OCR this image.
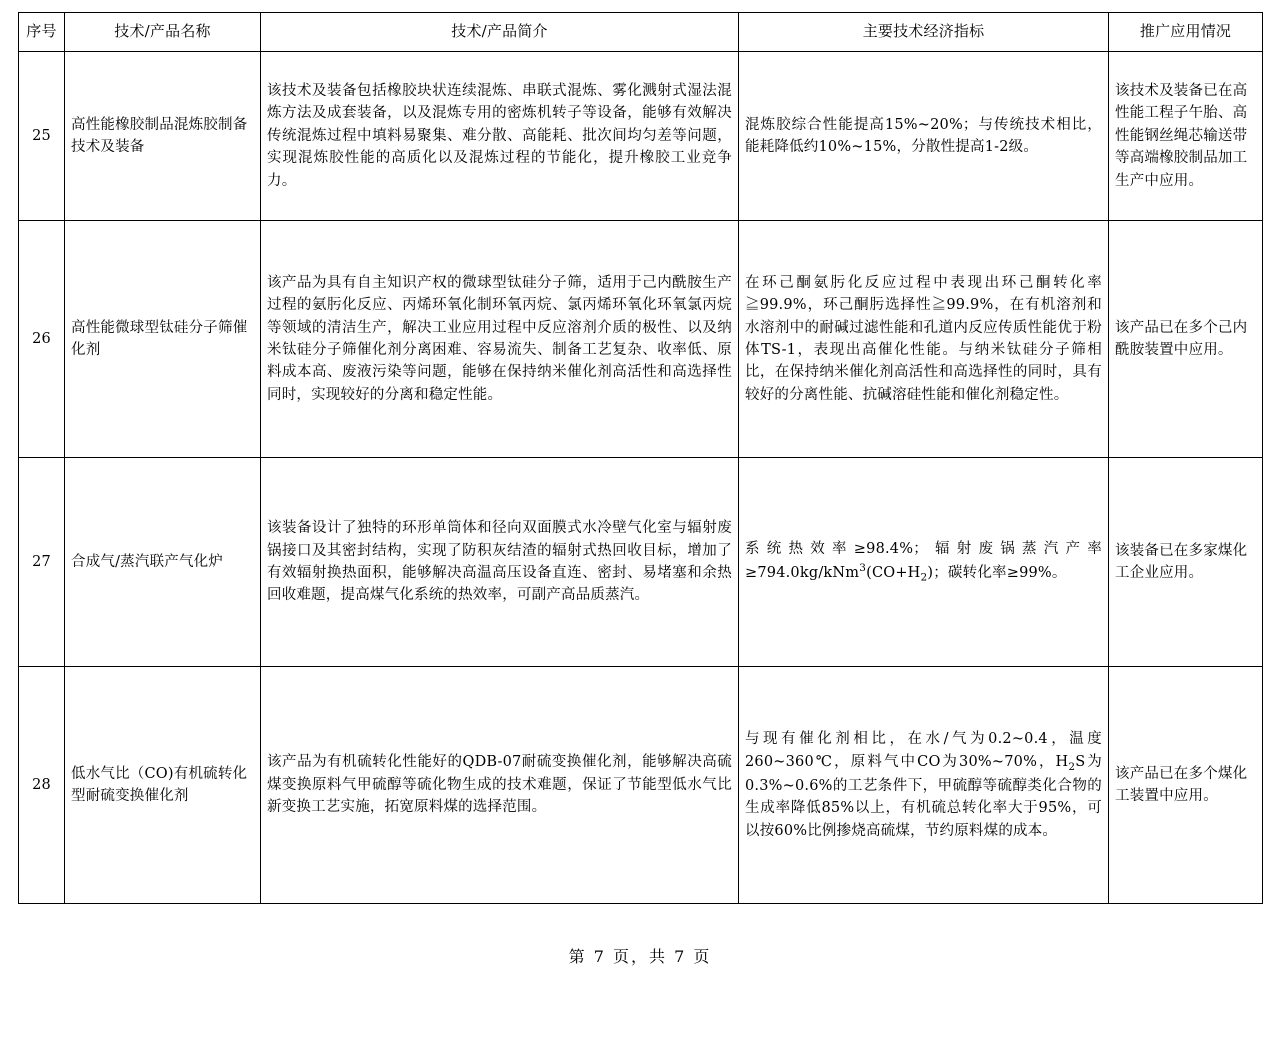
序号	技术/产品名称	技术/产品简介	主要技术经济指标	推广应用情况
25	高性能橡胶制品混炼胶制备技术及装备	该技术及装备包括橡胶块状连续混炼、串联式混炼、雾化溅射式湿法混炼方法及成套装备，以及混炼专用的密炼机转子等设备，能够有效解决传统混炼过程中填料易聚集、难分散、高能耗、批次间均匀差等问题，实现混炼胶性能的高质化以及混炼过程的节能化，提升橡胶工业竞争力。	混炼胶综合性能提高15%~20%；与传统技术相比，能耗降低约10%~15%，分散性提高1-2级。	该技术及装备已在高性能工程子午胎、高性能钢丝绳芯输送带等高端橡胶制品加工生产中应用。
26	高性能微球型钛硅分子筛催化剂	该产品为具有自主知识产权的微球型钛硅分子筛，适用于己内酰胺生产过程的氨肟化反应、丙烯环氧化制环氧丙烷、氯丙烯环氧化环氧氯丙烷等领域的清洁生产，解决工业应用过程中反应溶剂介质的极性、以及纳米钛硅分子筛催化剂分离困难、容易流失、制备工艺复杂、收率低、原料成本高、废液污染等问题，能够在保持纳米催化剂高活性和高选择性同时，实现较好的分离和稳定性能。	在环己酮氨肟化反应过程中表现出环己酮转化率≧99.9%，环己酮肟选择性≧99.9%，在有机溶剂和水溶剂中的耐碱过滤性能和孔道内反应传质性能优于粉体TS-1，表现出高催化性能。与纳米钛硅分子筛相比，在保持纳米催化剂高活性和高选择性的同时，具有较好的分离性能、抗碱溶硅性能和催化剂稳定性。	该产品已在多个己内酰胺装置中应用。
27	合成气/蒸汽联产气化炉	该装备设计了独特的环形单筒体和径向双面膜式水冷壁气化室与辐射废锅接口及其密封结构，实现了防积灰结渣的辐射式热回收目标，增加了有效辐射换热面积，能够解决高温高压设备直连、密封、易堵塞和余热回收难题，提高煤气化系统的热效率，可副产高品质蒸汽。	系统热效率≥98.4%；辐射废锅蒸汽产率$\ge 794.0kg/kNm^3(CO+H_2)$；碳转化率≥99%。	该装备已在多家煤化工企业应用。
28	低水气比（CO)有机硫转化型耐硫变换催化剂	该产品为有机硫转化性能好的QDB-07耐硫变换催化剂，能够解决高硫煤变换原料气甲硫醇等硫化物生成的技术难题，保证了节能型低水气比新变换工艺实施，拓宽原料煤的选择范围。	与现有催化剂相比，在水/气为0.2~0.4，温度260~360℃，原料气中CO为30%~70%，$H_2S$为0.3%~0.6%的工艺条件下，甲硫醇等硫醇类化合物的生成率降低85%以上，有机硫总转化率大于95%，可以按60%比例掺烧高硫煤，节约原料煤的成本。	该产品已在多个煤化工装置中应用。
第 7 页，共 7 页
